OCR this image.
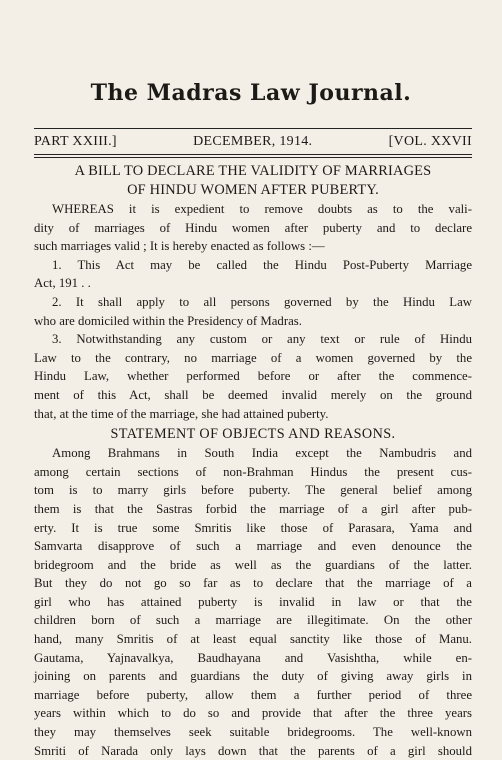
The Madras Law Journal.
PART XXIII.]	DECEMBER, 1914.	[VOL. XXVII

A BILL TO DECLARE THE VALIDITY OF MARRIAGES
OF HINDU WOMEN AFTER PUBERTY.

WHEREAS it is expedient to remove doubts as to the vali-
dity of marriages of Hindu women after puberty and to declare
such marriages valid ; It is hereby enacted as follows :—

1. This Act may be called the Hindu Post-Puberty Marriage
Act, 191 . .

2. It shall apply to all persons governed by the Hindu Law
who are domiciled within the Presidency of Madras.

3. Notwithstanding any custom or any text or rule of Hindu
Law to the contrary, no marriage of a women governed by the
Hindu Law, whether performed before or after the commence-
ment of this Act, shall be deemed invalid merely on the ground
that, at the time of the marriage, she had attained puberty.

STATEMENT OF OBJECTS AND REASONS.

Among Brahmans in South India except the Nambudris and
among certain sections of non-Brahman Hindus the present cus-
tom is to marry girls before puberty. The general belief among
them is that the Sastras forbid the marriage of a girl after pub-
erty. It is true some Smritis like those of Parasara, Yama and
Samvarta disapprove of such a marriage and even denounce the
bridegroom and the bride as well as the guardians of the latter.
But they do not go so far as to declare that the marriage of a
girl who has attained puberty is invalid in law or that the
children born of such a marriage are illegitimate. On the other
hand, many Smritis of at least equal sanctity like those of Manu.
Gautama, Yajnavalkya, Baudhayana and Vasishtha, while en-
joining on parents and guardians the duty of giving away girls in
marriage before puberty, allow them a further period of three
years within which to do so and provide that after the three years
they may themselves seek suitable bridegrooms. The well-known
Smriti of Narada only lays down that the parents of a girl should
